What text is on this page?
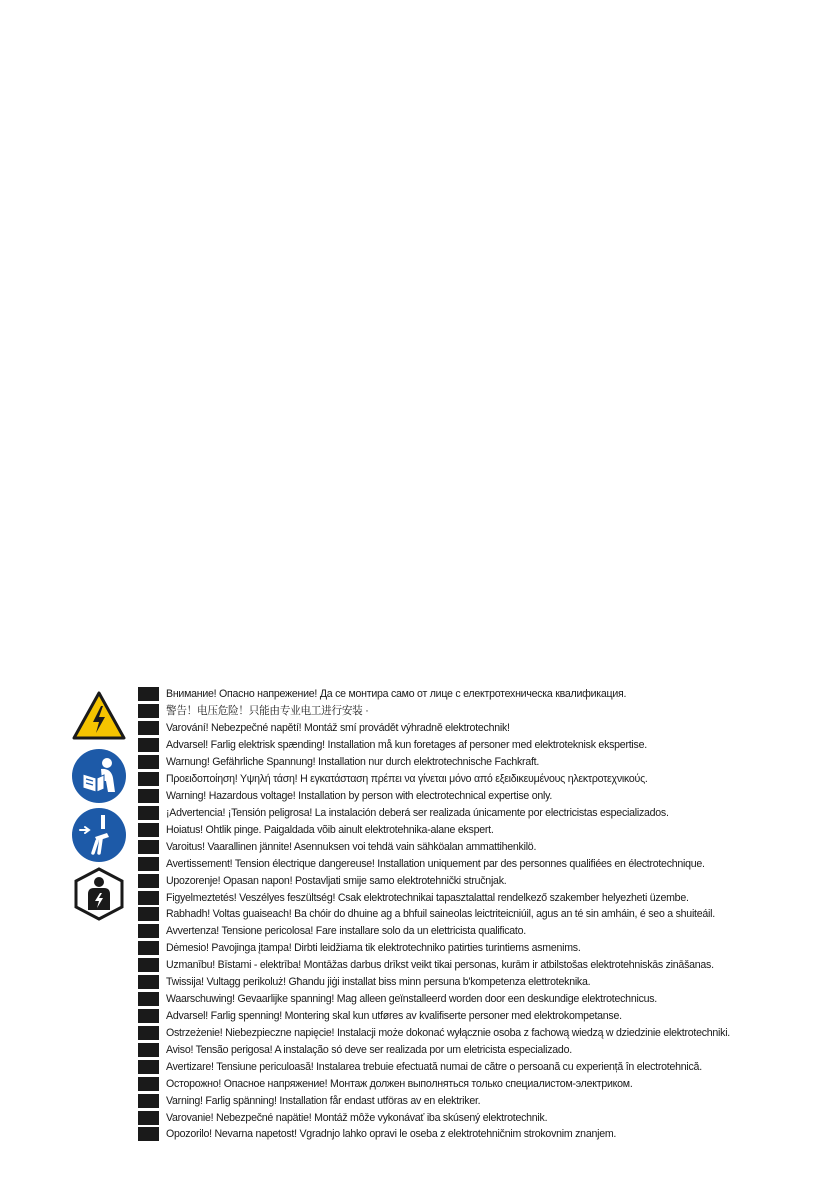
Внимание! Опасно напрежение! Да се монтира само от лице с електротехническа квалификация.
警告！电压危险！只能由专业电工进行安装 ·
Varování! Nebezpečné napětí! Montáž smí provádět výhradně elektrotechnik!
Advarsel! Farlig elektrisk spænding! Installation må kun foretages af personer med elektroteknisk ekspertise.
Warnung! Gefährliche Spannung! Installation nur durch elektrotechnische Fachkraft.
Προειδοποίηση! Υψηλή τάση! Η εγκατάσταση πρέπει να γίνεται μόνο από εξειδικευμένους ηλεκτροτεχνικούς.
Warning! Hazardous voltage! Installation by person with electrotechnical expertise only.
¡Advertencia! ¡Tensión peligrosa! La instalación deberá ser realizada únicamente por electricistas especializados.
Hoiatus! Ohtlik pinge. Paigaldada võib ainult elektrotehnika-alane ekspert.
Varoitus! Vaarallinen jännite! Asennuksen voi tehdä vain sähköalan ammattihenkilö.
Avertissement! Tension électrique dangereuse! Installation uniquement par des personnes qualifiées en électrotechnique.
Upozorenje! Opasan napon! Postavljati smije samo elektrotehnički stručnjak.
Figyelmeztetés! Veszélyes feszültség! Csak elektrotechnikai tapasztalattal rendelkező szakember helyezheti üzembe.
Rabhadh! Voltas guaiseach! Ba chóir do dhuine ag a bhfuil saineolas leictriteicniúil, agus an té sin amháin, é seo a shuiteáil.
Avvertenza! Tensione pericolosa! Fare installare solo da un elettricista qualificato.
Dėmesio! Pavojinga įtampa! Dirbti leidžiama tik elektrotechniko patirties turintiems asmenims.
Uzmanību! Bīstami - elektrība! Montāžas darbus drīkst veikt tikai personas, kurām ir atbilstošas elektrotehniskās zināšanas.
Twissija! Vultagg perikoluż! Għandu jiġi installat biss minn persuna b'kompetenza elettroteknika.
Waarschuwing! Gevaarlijke spanning! Mag alleen geïnstalleerd worden door een deskundige elektrotechnicus.
Advarsel! Farlig spenning! Montering skal kun utføres av kvalifiserte personer med elektrokompetanse.
Ostrzeżenie! Niebezpieczne napięcie! Instalacji może dokonać wyłącznie osoba z fachową wiedzą w dziedzinie elektrotechniki.
Aviso! Tensão perigosa! A instalação só deve ser realizada por um eletricista especializado.
Avertizare! Tensiune periculoasă! Instalarea trebuie efectuată numai de către o persoană cu experiență în electrotehnică.
Осторожно! Опасное напряжение! Монтаж должен выполняться только специалистом-электриком.
Varning! Farlig spänning! Installation får endast utföras av en elektriker.
Varovanie! Nebezpečné napätie! Montáž môže vykonávať iba skúsený elektrotechnik.
Opozorilo! Nevarna napetost! Vgradnjo lahko opravi le oseba z elektrotehničnim strokovnim znanjem.
